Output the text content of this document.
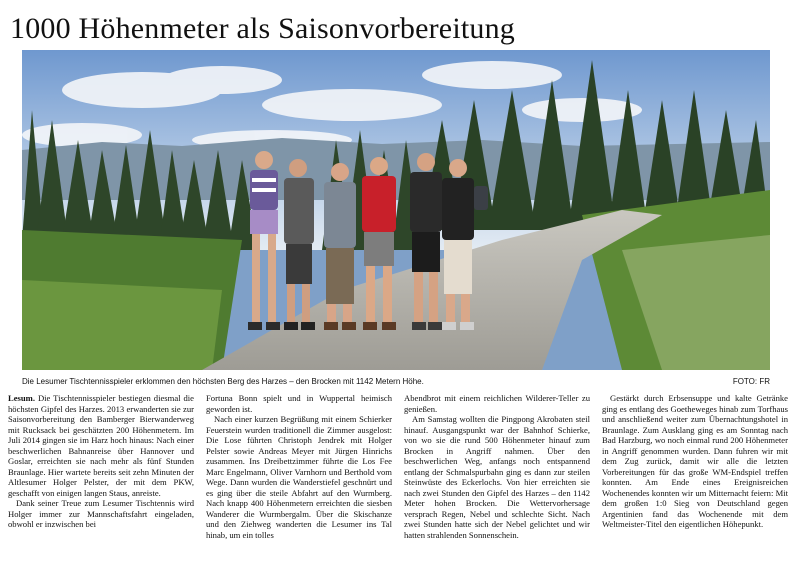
1000 Höhenmeter als Saisonvorbereitung
Die Lesumer Tischtennisspieler erklommen den höchsten Berg des Harzes – den Brocken mit 1142 Metern Höhe.	FOTO: FR

Lesum. Die Tischtennisspieler bestiegen diesmal die höchsten Gipfel des Harzes. 2013 erwanderten sie zur Saisonvorbereitung den Bamberger Bierwanderweg mit Rucksack bei geschätzten 200 Höhenmetern. Im Juli 2014 gingen sie im Harz hoch hinaus: Nach einer beschwerlichen Bahnanreise über Hannover und Goslar, erreichten sie nach mehr als fünf Stunden Braunlage. Hier wartete bereits seit zehn Minuten der Altlesumer Holger Pelster, der mit dem PKW, geschafft von einigen langen Staus, anreiste.

Dank seiner Treue zum Lesumer Tischtennis wird Holger immer zur Mannschaftsfahrt eingeladen, obwohl er inzwischen bei

Fortuna Bonn spielt und in Wuppertal heimisch geworden ist.

Nach einer kurzen Begrüßung mit einem Schierker Feuerstein wurden traditionell die Zimmer ausgelost: Die Lose führten Christoph Jendrek mit Holger Pelster sowie Andreas Meyer mit Jürgen Hinrichs zusammen. Ins Dreibettzimmer führte die Los Fee Marc Engelmann, Oliver Varnhorn und Berthold vom Wege. Dann wurden die Wanderstiefel geschnürt und es ging über die steile Abfahrt auf den Wurmberg. Nach knapp 400 Höhenmetern erreichten die siesben Wanderer die Wurmbergalm. Über die Skischanze und den Ziehweg wanderten die Lesumer ins Tal hinab, um ein tolles

Abendbrot mit einem reichlichen Wilderer-Teller zu genießen.

Am Samstag wollten die Pingpong Akrobaten steil hinauf. Ausgangspunkt war der Bahnhof Schierke, von wo sie die rund 500 Höhenmeter hinauf zum Brocken in Angriff nahmen. Über den beschwerlichen Weg, anfangs noch entspannend entlang der Schmalspurbahn ging es dann zur steilen Steinwüste des Eckerlochs. Von hier erreichten sie nach zwei Stunden den Gipfel des Harzes – den 1142 Meter hohen Brocken. Die Wettervorhersage versprach Regen, Nebel und schlechte Sicht. Nach zwei Stunden hatte sich der Nebel gelichtet und wir hatten strahlenden Sonnenschein.

Gestärkt durch Erbsensuppe und kalte Getränke ging es entlang des Goetheweges hinab zum Torfhaus und anschließend weiter zum Übernachtungshotel in Braunlage. Zum Ausklang ging es am Sonntag nach Bad Harzburg, wo noch einmal rund 200 Höhenmeter in Angriff genommen wurden. Dann fuhren wir mit dem Zug zurück, damit wir alle die letzten Vorbereitungen für das große WM-Endspiel treffen konnten. Am Ende eines Ereignisreichen Wochenendes konnten wir um Mitternacht feiern: Mit dem großen 1:0 Sieg von Deutschland gegen Argentinien fand das Wochenende mit dem Weltmeister-Titel den eigentlichen Höhepunkt.
